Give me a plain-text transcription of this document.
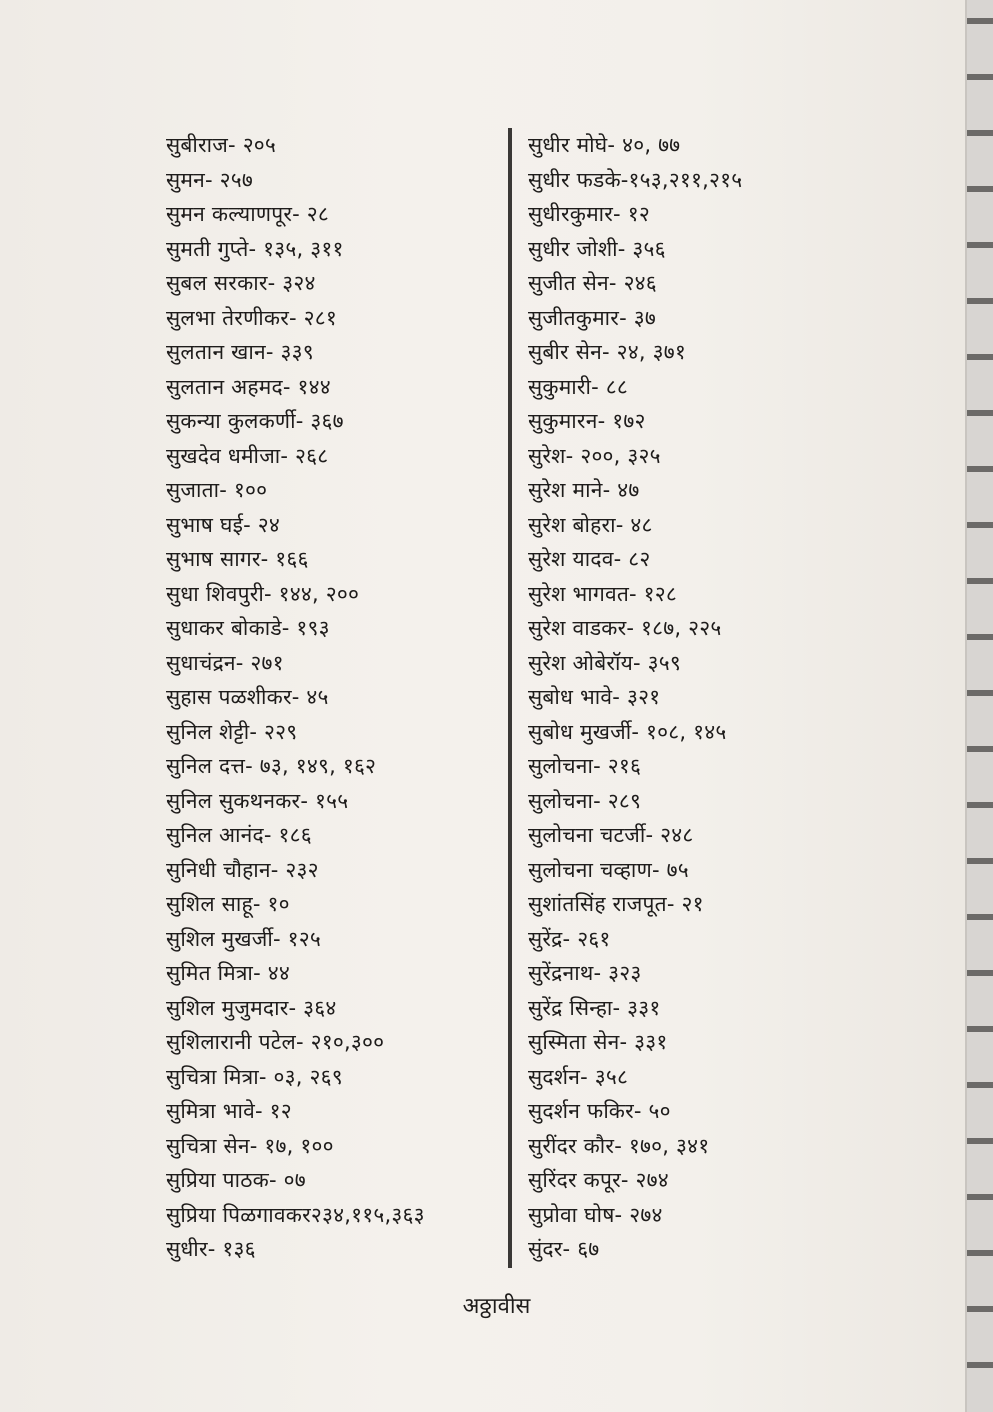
सुबीराज- २०५
सुमन- २५७
सुमन कल्याणपूर- २८
सुमती गुप्ते- १३५, ३११
सुबल सरकार- ३२४
सुलभा तेरणीकर- २८१
सुलतान खान- ३३९
सुलतान अहमद- १४४
सुकन्या कुलकर्णी- ३६७
सुखदेव धमीजा- २६८
सुजाता- १००
सुभाष घई- २४
सुभाष सागर- १६६
सुधा शिवपुरी- १४४, २००
सुधाकर बोकाडे- १९३
सुधाचंद्रन- २७१
सुहास पळशीकर- ४५
सुनिल शेट्टी- २२९
सुनिल दत्त- ७३, १४९, १६२
सुनिल सुकथनकर- १५५
सुनिल आनंद- १८६
सुनिधी चौहान- २३२
सुशिल साहू- १०
सुशिल मुखर्जी- १२५
सुमित मित्रा- ४४
सुशिल मुजुमदार- ३६४
सुशिलारानी पटेल- २१०,३००
सुचित्रा मित्रा- ०३, २६९
सुमित्रा भावे- १२
सुचित्रा सेन- १७, १००
सुप्रिया पाठक- ०७
सुप्रिया पिळगावकर२३४,११५,३६३
सुधीर- १३६
सुधीर मोघे- ४०, ७७
सुधीर फडके-१५३,२११,२१५
सुधीरकुमार- १२
सुधीर जोशी- ३५६
सुजीत सेन- २४६
सुजीतकुमार- ३७
सुबीर सेन- २४, ३७१
सुकुमारी- ८८
सुकुमारन- १७२
सुरेश- २००, ३२५
सुरेश माने- ४७
सुरेश बोहरा- ४८
सुरेश यादव- ८२
सुरेश भागवत- १२८
सुरेश वाडकर- १८७, २२५
सुरेश ओबेरॉय- ३५९
सुबोध भावे- ३२१
सुबोध मुखर्जी- १०८, १४५
सुलोचना- २१६
सुलोचना- २८९
सुलोचना चटर्जी- २४८
सुलोचना चव्हाण- ७५
सुशांतसिंह राजपूत- २१
सुरेंद्र- २६१
सुरेंद्रनाथ- ३२३
सुरेंद्र सिन्हा- ३३१
सुस्मिता सेन- ३३१
सुदर्शन- ३५८
सुदर्शन फकिर- ५०
सुरींदर कौर- १७०, ३४१
सुरिंदर कपूर- २७४
सुप्रोवा घोष- २७४
सुंदर- ६७
अठ्ठावीस
